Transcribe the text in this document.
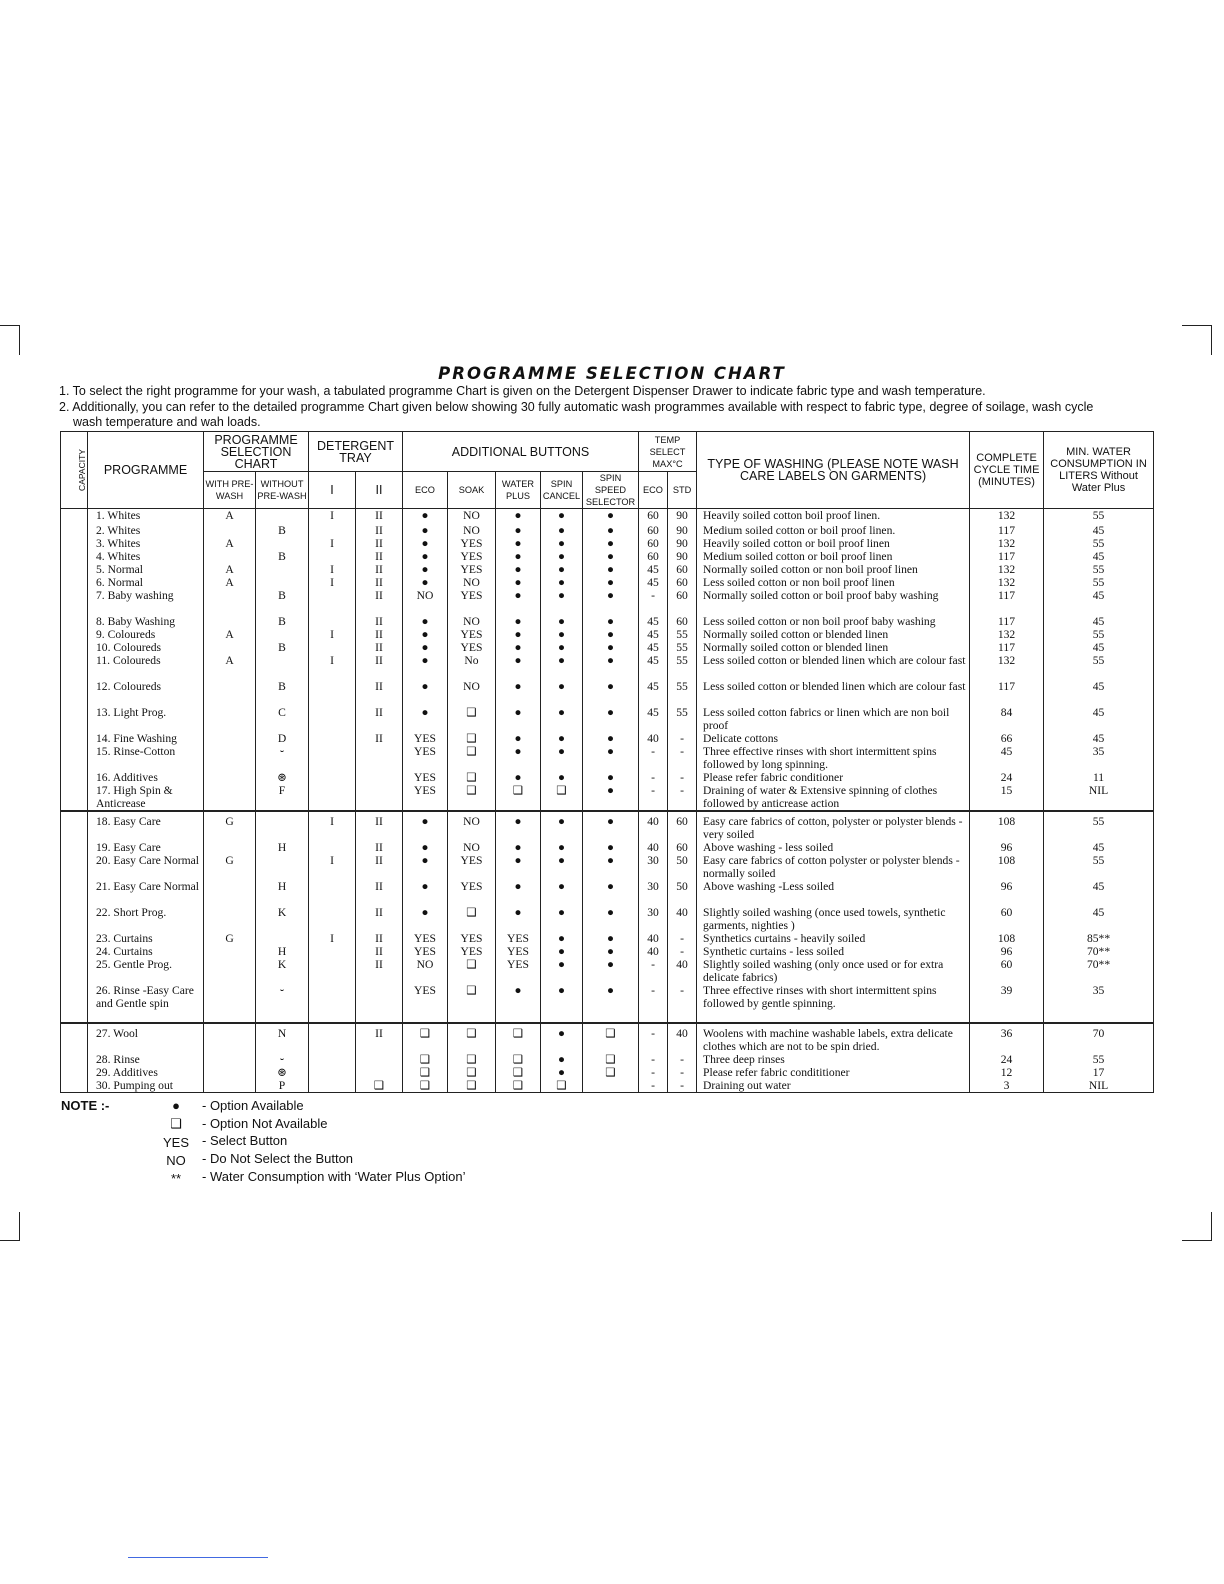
PROGRAMME SELECTION CHART
1. To select the right programme for your wash, a tabulated programme Chart is given on the Detergent Dispenser Drawer to indicate fabric type and wash temperature.
2. Additionally, you can refer to the detailed programme Chart given below showing 30 fully automatic wash programmes available with respect to fabric type, degree of soilage, wash cycle
wash temperature and wah loads.
CAPACITY	PROGRAMME	PROGRAMME SELECTION CHART		DETERGENT TRAY		ADDITIONAL BUTTONS					TEMP SELECT MAX°C		TYPE OF WASHING (PLEASE NOTE WASH CARE LABELS ON GARMENTS)	COMPLETE CYCLE TIME (MINUTES)	MIN. WATER CONSUMPTION IN LITERS Without Water Plus
		WITH PRE-WASH	WITHOUT PRE-WASH	I	II	ECO	SOAK	WATER PLUS	SPIN CANCEL	SPIN SPEED SELECTOR	ECO	STD			
	1. Whites	A		I	II	●	NO	●	●	●	60	90	Heavily soiled cotton boil proof linen.	132	55
	2. Whites		B		II	●	NO	●	●	●	60	90	Medium soiled cotton or boil proof linen.	117	45
	3. Whites	A		I	II	●	YES	●	●	●	60	90	Heavily soiled cotton or boil proof linen	132	55
	4. Whites		B		II	●	YES	●	●	●	60	90	Medium soiled cotton or boil proof linen	117	45
	5. Normal	A		I	II	●	YES	●	●	●	45	60	Normally soiled cotton or non boil proof linen	132	55
	6. Normal	A		I	II	●	NO	●	●	●	45	60	Less soiled cotton or non boil proof linen	132	55
	7. Baby washing		B		II	NO	YES	●	●	●	-	60	Normally soiled cotton or boil proof baby washing	117	45
	8. Baby Washing		B		II	●	NO	●	●	●	45	60	Less soiled cotton or non boil proof baby washing	117	45
	9. Coloureds	A		I	II	●	YES	●	●	●	45	55	Normally soiled cotton or blended linen	132	55
	10. Coloureds		B		II	●	YES	●	●	●	45	55	Normally soiled cotton or blended linen	117	45
	11. Coloureds	A		I	II	●	No	●	●	●	45	55	Less soiled cotton or blended linen which are colour fast	132	55
	12. Coloureds		B		II	●	NO	●	●	●	45	55	Less soiled cotton or blended linen which are colour fast	117	45
	13. Light Prog.		C		II	●	❑	●	●	●	45	55	Less soiled cotton fabrics or linen which are non boil proof	84	45
	14. Fine Washing		D		II	YES	❑	●	●	●	40	-	Delicate cottons	66	45
	15. Rinse-Cotton		⏑			YES	❑	●	●	●	-	-	Three effective rinses with short intermittent spins followed by long spinning.	45	35
	16. Additives		⊛			YES	❑	●	●	●	-	-	Please refer fabric conditioner	24	11
	17. High Spin & Anticrease		F			YES	❑	❑	❑	●	-	-	Draining of water & Extensive spinning of clothes followed by anticrease action	15	NIL
	18. Easy Care	G		I	II	●	NO	●	●	●	40	60	Easy care fabrics of cotton, polyster or polyster blends - very soiled	108	55
	19. Easy Care		H		II	●	NO	●	●	●	40	60	Above washing - less soiled	96	45
	20. Easy Care Normal	G		I	II	●	YES	●	●	●	30	50	Easy care fabrics of cotton polyster or polyster blends - normally soiled	108	55
	21. Easy Care Normal		H		II	●	YES	●	●	●	30	50	Above washing -Less soiled	96	45
	22. Short Prog.		K		II	●	❑	●	●	●	30	40	Slightly soiled washing (once used towels, synthetic garments, nighties )	60	45
	23. Curtains	G		I	II	YES	YES	YES	●	●	40	-	Synthetics curtains - heavily soiled	108	85**
	24. Curtains		H		II	YES	YES	YES	●	●	40	-	Synthetic curtains - less soiled	96	70**
	25. Gentle Prog.		K		II	NO	❑	YES	●	●	-	40	Slightly soiled washing (only once used or for extra delicate fabrics)	60	70**
	26. Rinse -Easy Care and Gentle spin		⏑			YES	❑	●	●	●	-	-	Three effective rinses with short intermittent spins followed by gentle spinning.	39	35
	27. Wool		N		II	❑	❑	❑	●	❑	-	40	Woolens with machine washable labels, extra delicate clothes which are not to be spin dried.	36	70
	28. Rinse		⏑			❑	❑	❑	●	❑	-	-	Three deep rinses	24	55
	29. Additives		⊛			❑	❑	❑	●	❑	-	-	Please refer fabric condititioner	12	17
	30. Pumping out		P		❑	❑	❑	❑	❑		-	-	Draining out water	3	NIL
NOTE :-	●	- Option Available
❑	- Option Not Available
YES	- Select Button
NO	- Do Not Select the Button
**	- Water Consumption with ‘Water Plus Option’
